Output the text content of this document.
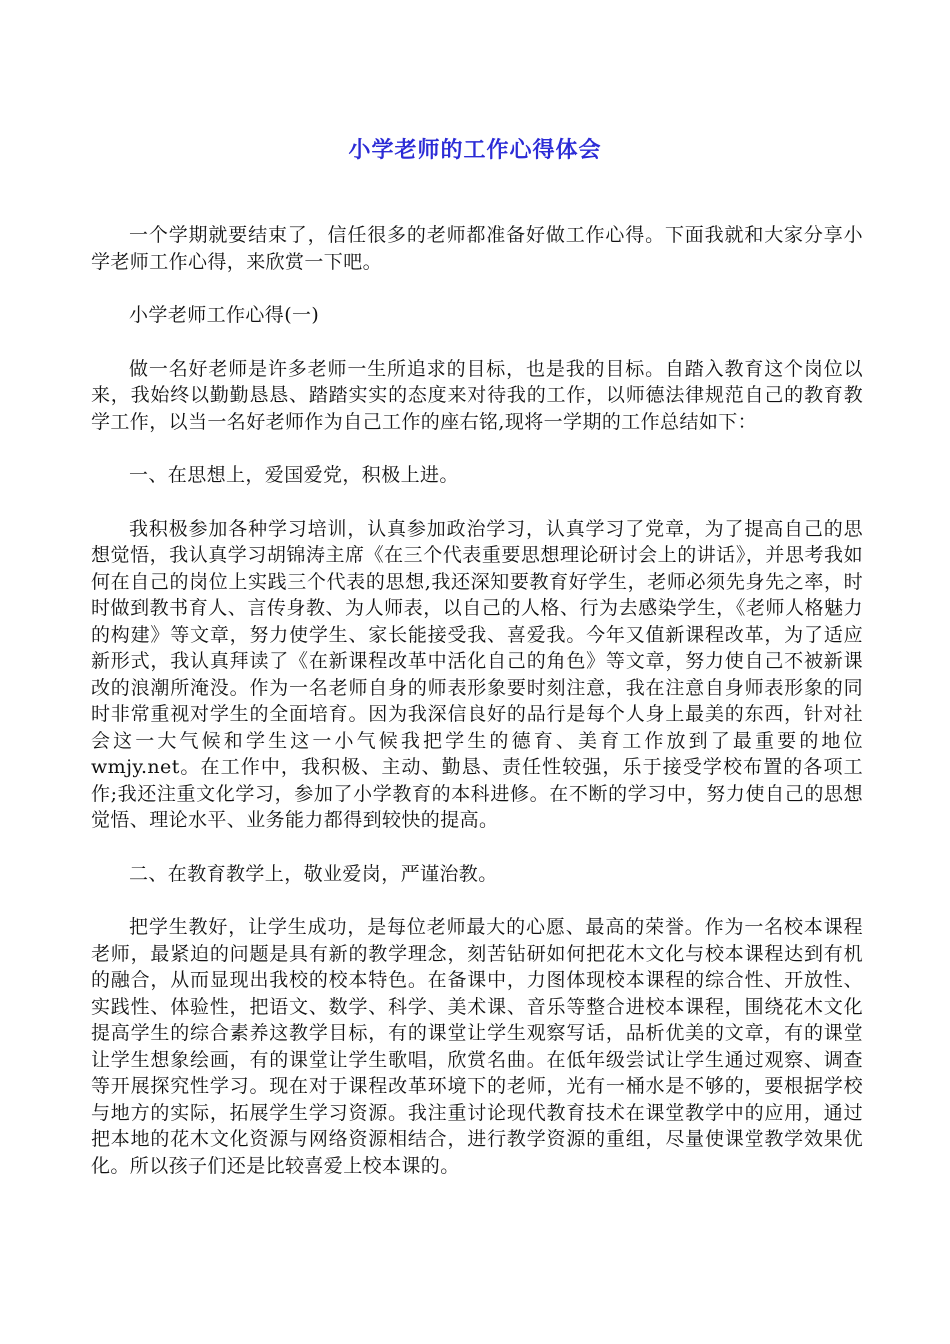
小学老师的工作心得体会

一个学期就要结束了，信任很多的老师都准备好做工作心得。下面我就和大家分享小学老师工作心得，来欣赏一下吧。

小学老师工作心得(一)

做一名好老师是许多老师一生所追求的目标，也是我的目标。自踏入教育这个岗位以来，我始终以勤勤恳恳、踏踏实实的态度来对待我的工作，以师德法律规范自己的教育教学工作，以当一名好老师作为自己工作的座右铭,现将一学期的工作总结如下：

一、在思想上，爱国爱党，积极上进。

我积极参加各种学习培训，认真参加政治学习，认真学习了党章，为了提高自己的思想觉悟，我认真学习胡锦涛主席《在三个代表重要思想理论研讨会上的讲话》，并思考我如何在自己的岗位上实践三个代表的思想,我还深知要教育好学生，老师必须先身先之率，时时做到教书育人、言传身教、为人师表，以自己的人格、行为去感染学生，《老师人格魅力的构建》等文章，努力使学生、家长能接受我、喜爱我。今年又值新课程改革，为了适应新形式，我认真拜读了《在新课程改革中活化自己的角色》等文章，努力使自己不被新课改的浪潮所淹没。作为一名老师自身的师表形象要时刻注意，我在注意自身师表形象的同时非常重视对学生的全面培育。因为我深信良好的品行是每个人身上最美的东西，针对社会这一大气候和学生这一小气候我把学生的德育、美育工作放到了最重要的地位wmjy.net。在工作中，我积极、主动、勤恳、责任性较强，乐于接受学校布置的各项工作;我还注重文化学习，参加了小学教育的本科进修。在不断的学习中，努力使自己的思想觉悟、理论水平、业务能力都得到较快的提高。

二、在教育教学上，敬业爱岗，严谨治教。

把学生教好，让学生成功，是每位老师最大的心愿、最高的荣誉。作为一名校本课程老师，最紧迫的问题是具有新的教学理念，刻苦钻研如何把花木文化与校本课程达到有机的融合，从而显现出我校的校本特色。在备课中，力图体现校本课程的综合性、开放性、实践性、体验性，把语文、数学、科学、美术课、音乐等整合进校本课程，围绕花木文化提高学生的综合素养这教学目标，有的课堂让学生观察写话，品析优美的文章，有的课堂让学生想象绘画，有的课堂让学生歌唱，欣赏名曲。在低年级尝试让学生通过观察、调查等开展探究性学习。现在对于课程改革环境下的老师，光有一桶水是不够的，要根据学校与地方的实际，拓展学生学习资源。我注重讨论现代教育技术在课堂教学中的应用，通过把本地的花木文化资源与网络资源相结合，进行教学资源的重组，尽量使课堂教学效果优化。所以孩子们还是比较喜爱上校本课的。
